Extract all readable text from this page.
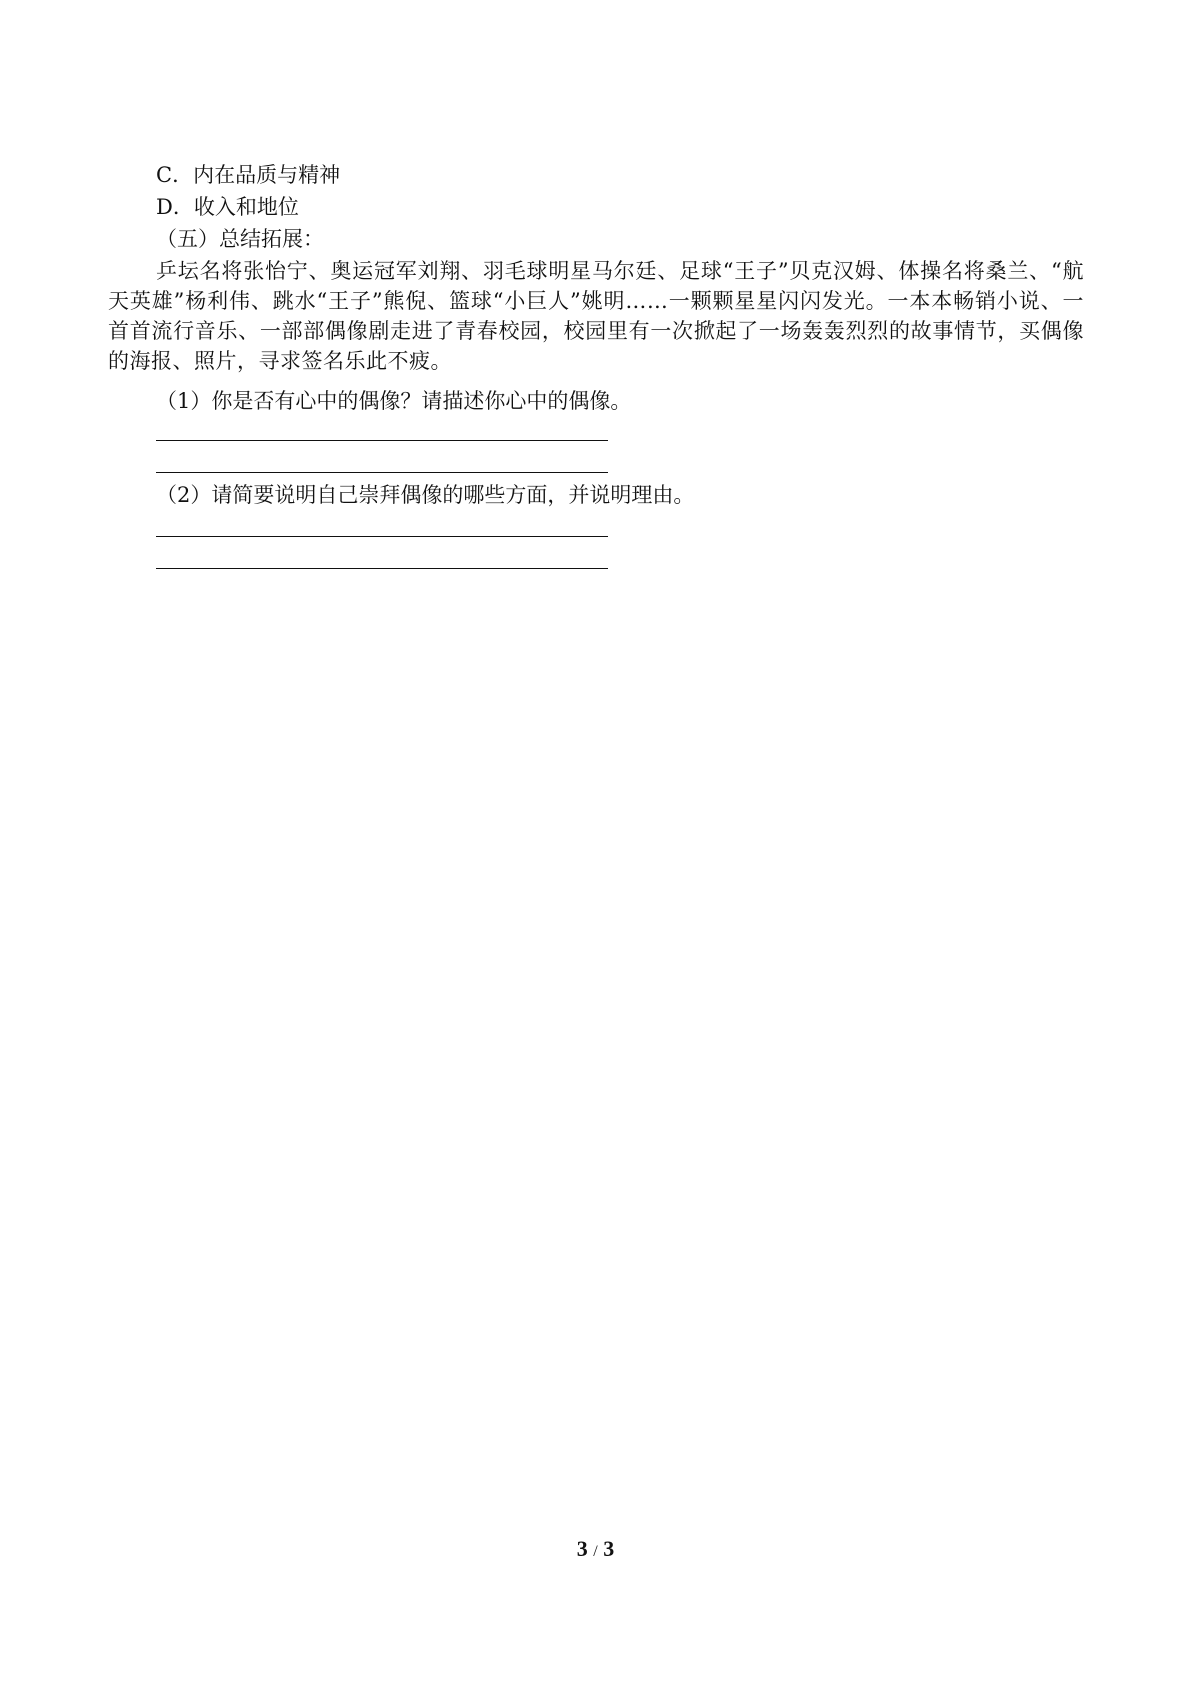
C．内在品质与精神
D．收入和地位
（五）总结拓展：
乒坛名将张怡宁、奥运冠军刘翔、羽毛球明星马尔廷、足球“王子”贝克汉姆、体操名将桑兰、“航天英雄”杨利伟、跳水“王子”熊倪、篮球“小巨人”姚明……一颗颗星星闪闪发光。一本本畅销小说、一首首流行音乐、一部部偶像剧走进了青春校园，校园里有一次掀起了一场轰轰烈烈的故事情节，买偶像的海报、照片，寻求签名乐此不疲。
（1）你是否有心中的偶像？请描述你心中的偶像。
（2）请简要说明自己崇拜偶像的哪些方面，并说明理由。
3 / 3
